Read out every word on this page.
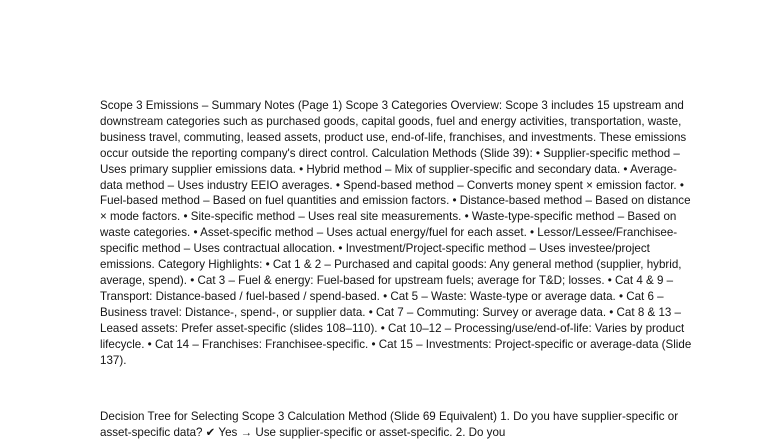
Scope 3 Emissions – Summary Notes (Page 1) Scope 3 Categories Overview: Scope 3 includes 15 upstream and downstream categories such as purchased goods, capital goods, fuel and energy activities, transportation, waste, business travel, commuting, leased assets, product use, end-of-life, franchises, and investments. These emissions occur outside the reporting company's direct control. Calculation Methods (Slide 39): • Supplier-specific method – Uses primary supplier emissions data. • Hybrid method – Mix of supplier-specific and secondary data. • Average-data method – Uses industry EEIO averages. • Spend-based method – Converts money spent × emission factor. • Fuel-based method – Based on fuel quantities and emission factors. • Distance-based method – Based on distance × mode factors. • Site-specific method – Uses real site measurements. • Waste-type-specific method – Based on waste categories. • Asset-specific method – Uses actual energy/fuel for each asset. • Lessor/Lessee/Franchisee-specific method – Uses contractual allocation. • Investment/Project-specific method – Uses investee/project emissions. Category Highlights: • Cat 1 & 2 – Purchased and capital goods: Any general method (supplier, hybrid, average, spend). • Cat 3 – Fuel & energy: Fuel-based for upstream fuels; average for T&D; losses. • Cat 4 & 9 – Transport: Distance-based / fuel-based / spend-based. • Cat 5 – Waste: Waste-type or average data. • Cat 6 – Business travel: Distance-, spend-, or supplier data. • Cat 7 – Commuting: Survey or average data. • Cat 8 & 13 – Leased assets: Prefer asset-specific (slides 108–110). • Cat 10–12 – Processing/use/end-of-life: Varies by product lifecycle. • Cat 14 – Franchises: Franchisee-specific. • Cat 15 – Investments: Project-specific or average-data (Slide 137).

Decision Tree for Selecting Scope 3 Calculation Method (Slide 69 Equivalent) 1. Do you have supplier-specific or asset-specific data? ✔ Yes → Use supplier-specific or asset-specific. 2. Do you
